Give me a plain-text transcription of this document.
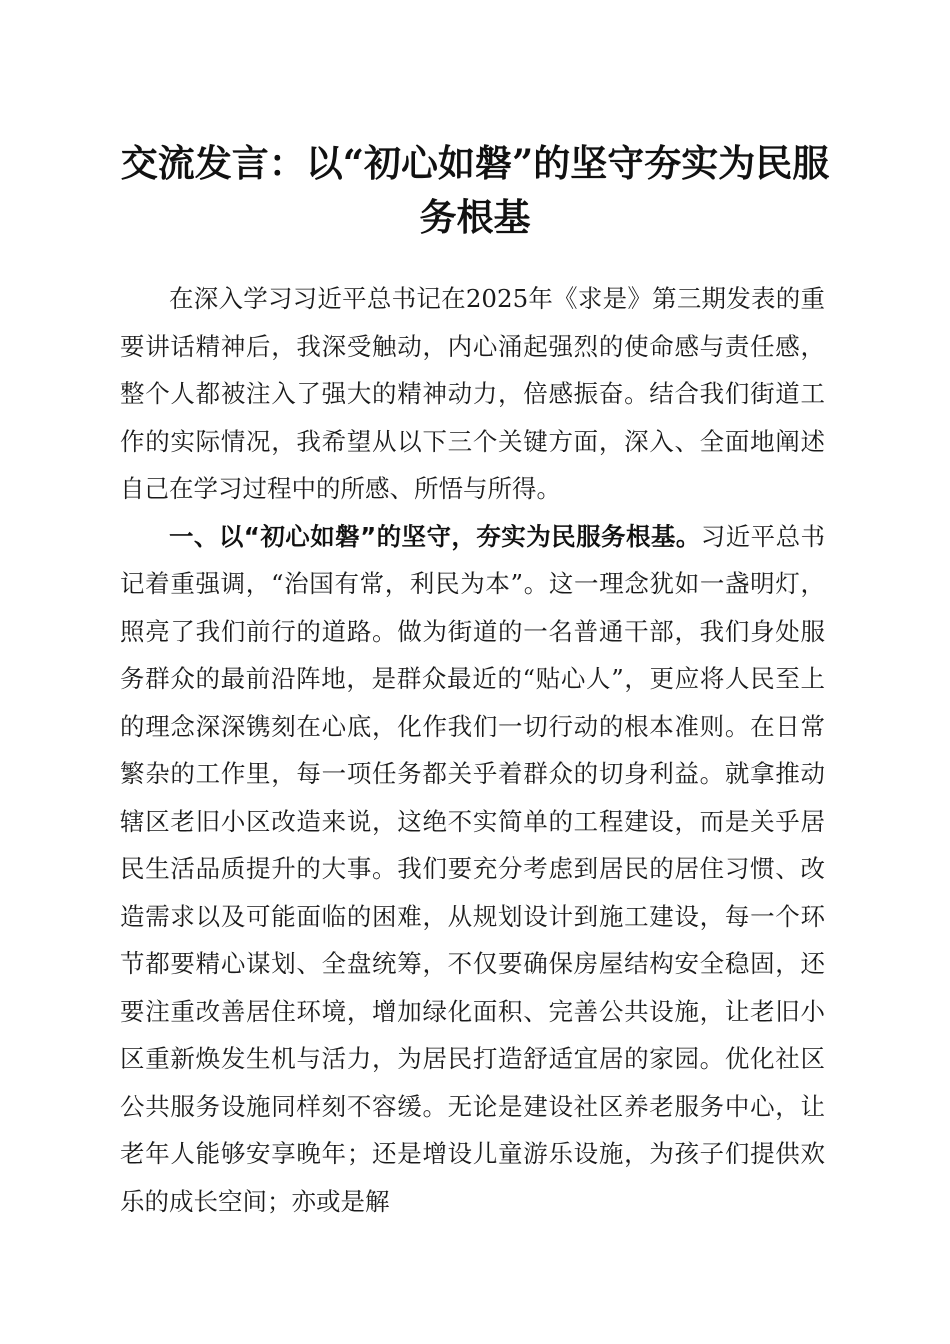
交流发言：以“初心如磐”的坚守夯实为民服务根基

在深入学习习近平总书记在2025年《求是》第三期发表的重要讲话精神后，我深受触动，内心涌起强烈的使命感与责任感，整个人都被注入了强大的精神动力，倍感振奋。结合我们街道工作的实际情况，我希望从以下三个关键方面，深入、全面地阐述自己在学习过程中的所感、所悟与所得。

一、以“初心如磐”的坚守，夯实为民服务根基。习近平总书记着重强调，“治国有常，利民为本”。这一理念犹如一盏明灯，照亮了我们前行的道路。做为街道的一名普通干部，我们身处服务群众的最前沿阵地，是群众最近的“贴心人”，更应将人民至上的理念深深镌刻在心底，化作我们一切行动的根本准则。在日常繁杂的工作里，每一项任务都关乎着群众的切身利益。就拿推动辖区老旧小区改造来说，这绝不实简单的工程建设，而是关乎居民生活品质提升的大事。我们要充分考虑到居民的居住习惯、改造需求以及可能面临的困难，从规划设计到施工建设，每一个环节都要精心谋划、全盘统筹，不仅要确保房屋结构安全稳固，还要注重改善居住环境，增加绿化面积、完善公共设施，让老旧小区重新焕发生机与活力，为居民打造舒适宜居的家园。优化社区公共服务设施同样刻不容缓。无论是建设社区养老服务中心，让老年人能够安享晚年；还是增设儿童游乐设施，为孩子们提供欢乐的成长空间；亦或是解
